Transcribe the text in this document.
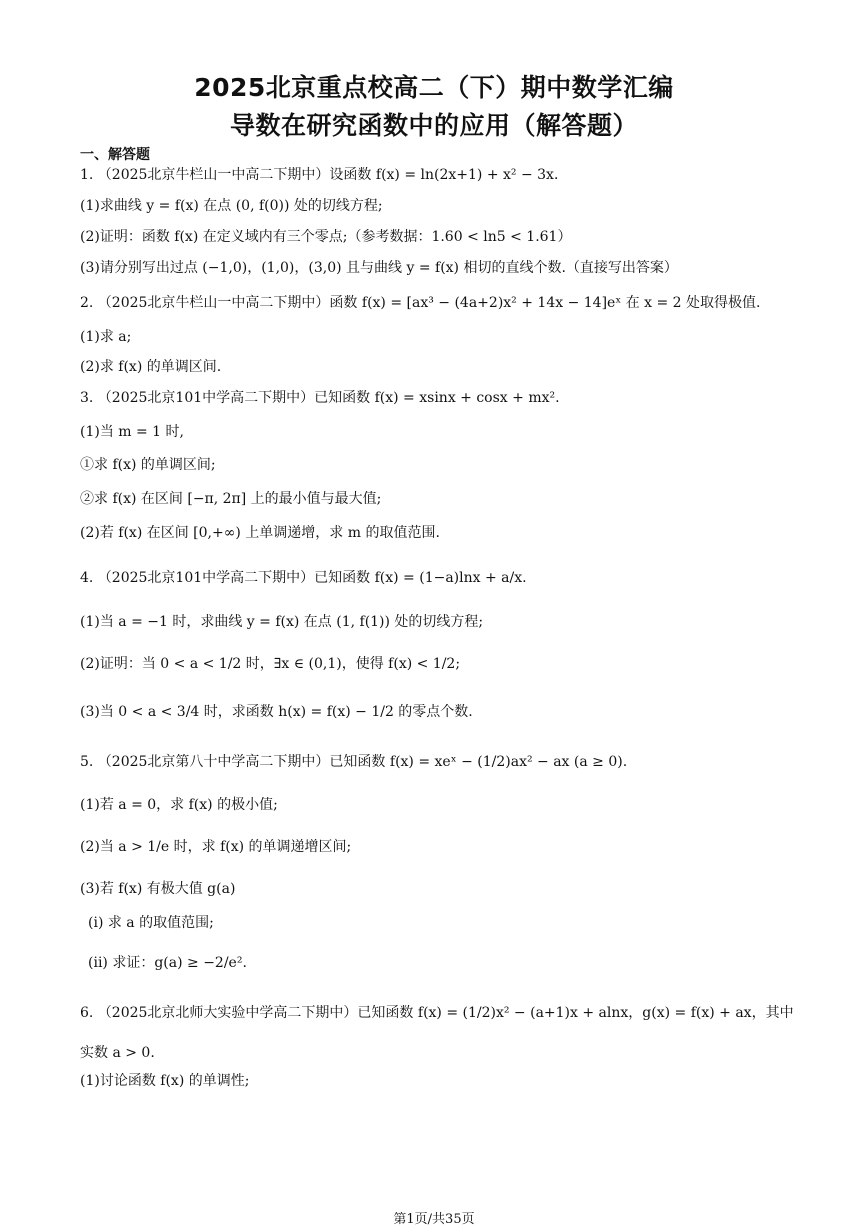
2025北京重点校高二（下）期中数学汇编
导数在研究函数中的应用（解答题）
一、解答题
1. （2025北京牛栏山一中高二下期中）设函数 f(x) = ln(2x+1) + x² − 3x．
(1)求曲线 y = f(x) 在点 (0, f(0)) 处的切线方程;
(2)证明：函数 f(x) 在定义域内有三个零点;（参考数据：1.60 < ln5 < 1.61）
(3)请分别写出过点 (−1,0)，(1,0)，(3,0) 且与曲线 y = f(x) 相切的直线个数.（直接写出答案）
2. （2025北京牛栏山一中高二下期中）函数 f(x) = [ax³ − (4a+2)x² + 14x − 14]eˣ 在 x = 2 处取得极值.
(1)求 a;
(2)求 f(x) 的单调区间.
3. （2025北京101中学高二下期中）已知函数 f(x) = xsinx + cosx + mx².
(1)当 m = 1 时,
①求 f(x) 的单调区间;
②求 f(x) 在区间 [−π, 2π] 上的最小值与最大值;
(2)若 f(x) 在区间 [0,+∞) 上单调递增，求 m 的取值范围.
4. （2025北京101中学高二下期中）已知函数 f(x) = (1−a)lnx + a/x.
(1)当 a = −1 时，求曲线 y = f(x) 在点 (1, f(1)) 处的切线方程;
(2)证明：当 0 < a < 1/2 时，∃x ∈ (0,1)，使得 f(x) < 1/2;
(3)当 0 < a < 3/4 时，求函数 h(x) = f(x) − 1/2 的零点个数.
5. （2025北京第八十中学高二下期中）已知函数 f(x) = xeˣ − (1/2)ax² − ax (a ≥ 0).
(1)若 a = 0，求 f(x) 的极小值;
(2)当 a > 1/e 时，求 f(x) 的单调递增区间;
(3)若 f(x) 有极大值 g(a)
(i) 求 a 的取值范围;
(ii) 求证：g(a) ≥ −2/e².
6. （2025北京北师大实验中学高二下期中）已知函数 f(x) = (1/2)x² − (a+1)x + alnx，g(x) = f(x) + ax，其中
实数 a > 0.
(1)讨论函数 f(x) 的单调性;
第1页/共35页
